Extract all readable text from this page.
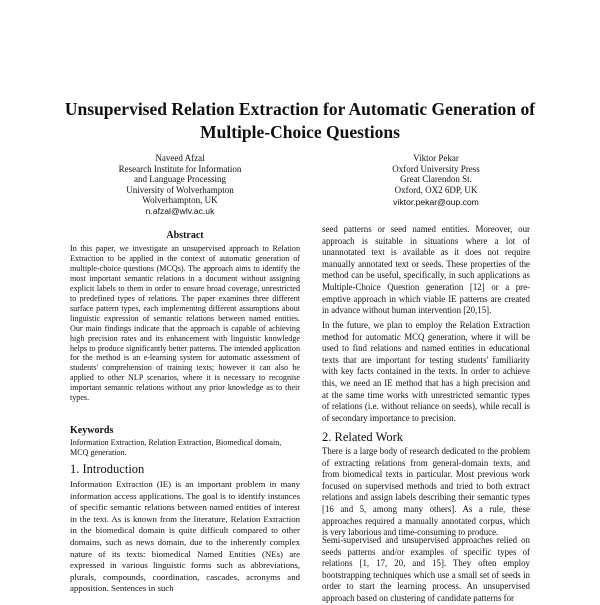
Unsupervised Relation Extraction for Automatic Generation of
Multiple-Choice Questions
Naveed Afzal
Research Institute for Information
and Language Processing
University of Wolverhampton
Wolverhampton, UK
n.afzal@wlv.ac.uk
Viktor Pekar
Oxford University Press
Great Clarendon St.
Oxford, OX2 6DP, UK
viktor.pekar@oup.com
Abstract
In this paper, we investigate an unsupervised approach to Relation Extraction to be applied in the context of automatic generation of multiple-choice questions (MCQs). The approach aims to identify the most important semantic relations in a document without assigning explicit labels to them in order to ensure broad coverage, unrestricted to predefined types of relations. The paper examines three different surface pattern types, each implementing different assumptions about linguistic expression of semantic relations between named entities. Our main findings indicate that the approach is capable of achieving high precision rates and its enhancement with linguistic knowledge helps to produce significantly better patterns. The intended application for the method is an e-learning system for automatic assessment of students' comprehension of training texts; however it can also be applied to other NLP scenarios, where it is necessary to recognise important semantic relations without any prior knowledge as to their types.
Keywords
Information Extraction, Relation Extraction, Biomedical domain, MCQ generation.
1. Introduction
Information Extraction (IE) is an important problem in many information access applications. The goal is to identify instances of specific semantic relations between named entities of interest in the text. As is known from the literature, Relation Extraction in the biomedical domain is quite difficult compared to other domains, such as news domain, due to the inherently complex nature of its texts: biomedical Named Entities (NEs) are expressed in various linguistic forms such as abbreviations, plurals, compounds, coordination, cascades, acronyms and apposition. Sentences in such
seed patterns or seed named entities. Moreover, our approach is suitable in situations where a lot of unannotated text is available as it does not require manually annotated text or seeds. These properties of the method can be useful, specifically, in such applications as Multiple-Choice Question generation [12] or a pre-emptive approach in which viable IE patterns are created in advance without human intervention [20,15].
In the future, we plan to employ the Relation Extraction method for automatic MCQ generation, where it will be used to find relations and named entities in educational texts that are important for testing students' familiarity with key facts contained in the texts. In order to achieve this, we need an IE method that has a high precision and at the same time works with unrestricted semantic types of relations (i.e. without reliance on seeds), while recall is of secondary importance to precision.
2. Related Work
There is a large body of research dedicated to the problem of extracting relations from general-domain texts, and from biomedical texts in particular. Most previous work focused on supervised methods and tried to both extract relations and assign labels describing their semantic types [16 and 5, among many others]. As a rule, these approaches required a manually annotated corpus, which is very laborious and time-consuming to produce.
Semi-supervised and unsupervised approaches relied on seeds patterns and/or examples of specific types of relations [1, 17, 20, and 15]. They often employ bootstrapping techniques which use a small set of seeds in order to start the learning process. An unsupervised approach based on clustering of candidate patterns for
